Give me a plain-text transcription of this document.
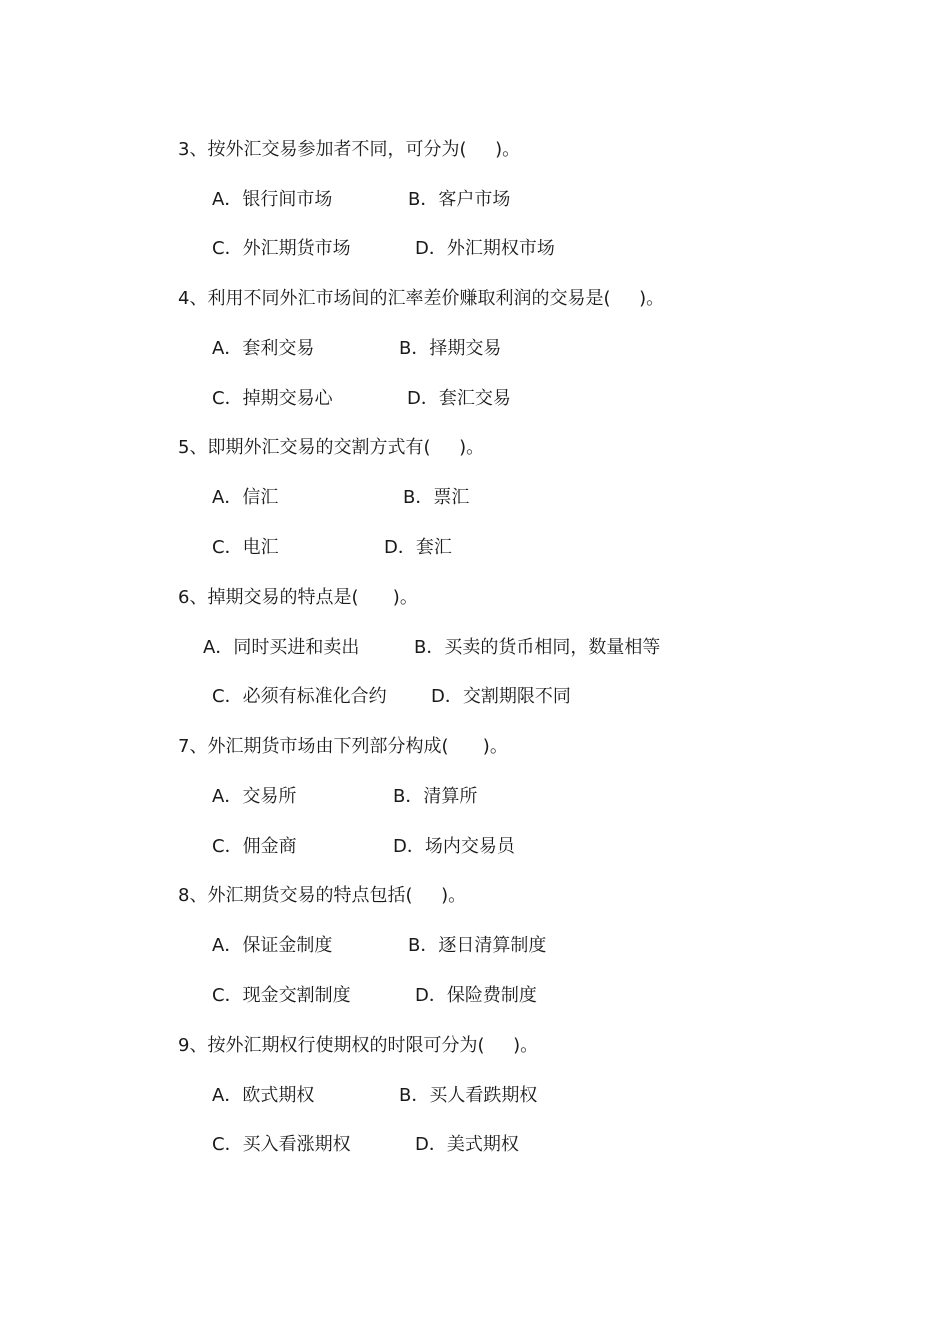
3、按外汇交易参加者不同，可分为(     )。
A．银行间市场	B．客户市场
C．外汇期货市场	D．外汇期权市场
4、利用不同外汇市场间的汇率差价赚取利润的交易是(     )。
A．套利交易	B．择期交易
C．掉期交易心	D．套汇交易
5、即期外汇交易的交割方式有(     )。
A．信汇	B．票汇
C．电汇	D．套汇
6、掉期交易的特点是(      )。
A．同时买进和卖出	B．买卖的货币相同，数量相等
C．必须有标准化合约 D．交割期限不同
7、外汇期货市场由下列部分构成(      )。
A．交易所	B．清算所
C．佣金商	D．场内交易员
8、外汇期货交易的特点包括(     )。
A．保证金制度	B．逐日清算制度
C．现金交割制度	D．保险费制度
9、按外汇期权行使期权的时限可分为(     )。
A．欧式期权	B．买人看跌期权
C．买入看涨期权	D．美式期权
